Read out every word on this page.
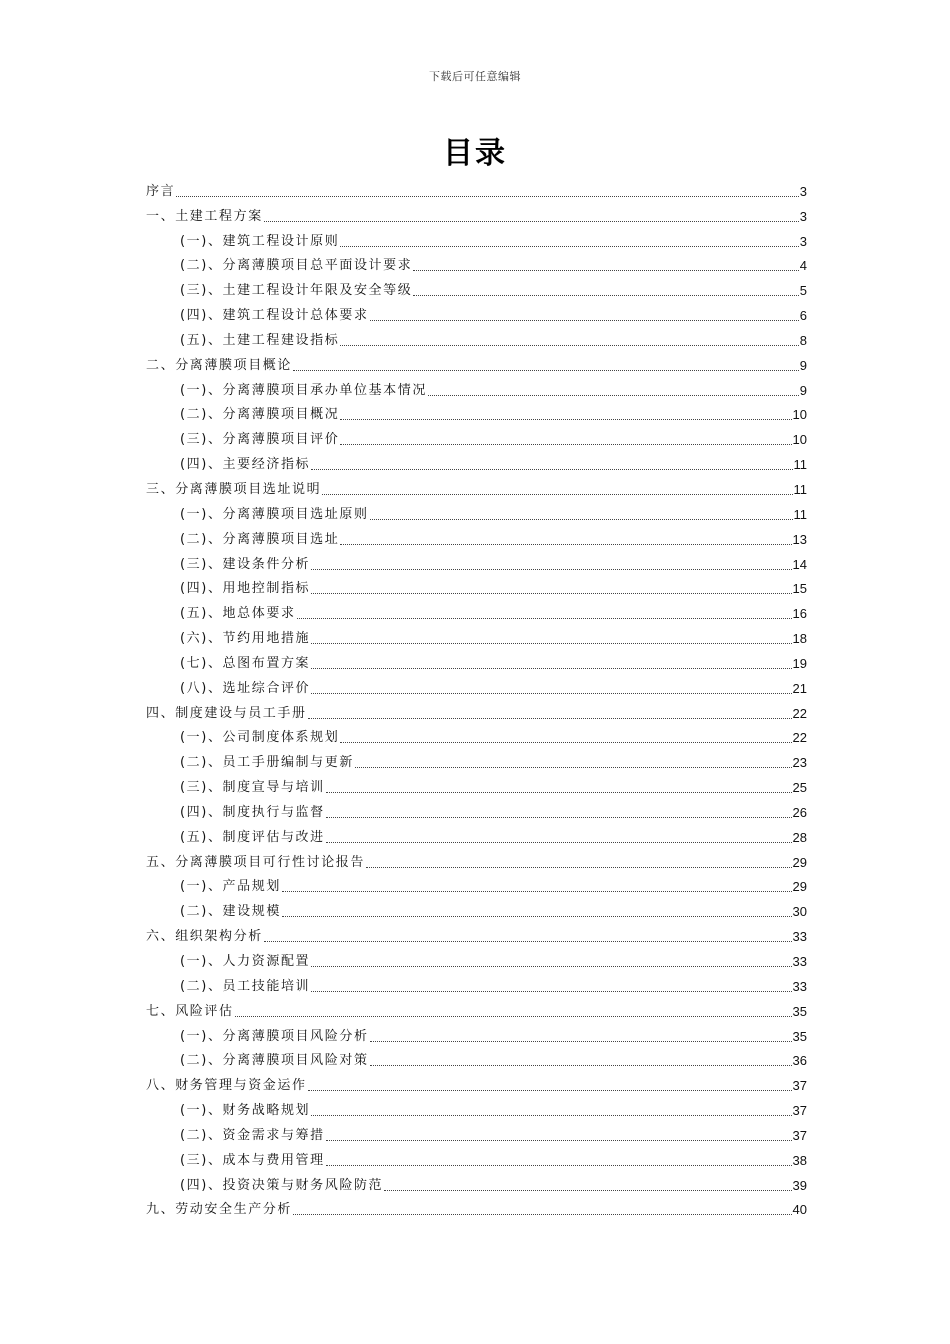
下载后可任意编辑
目录
序言	3
一、土建工程方案	3
(一)、建筑工程设计原则	3
(二)、分离薄膜项目总平面设计要求	4
(三)、土建工程设计年限及安全等级	5
(四)、建筑工程设计总体要求	6
(五)、土建工程建设指标	8
二、分离薄膜项目概论	9
(一)、分离薄膜项目承办单位基本情况	9
(二)、分离薄膜项目概况	10
(三)、分离薄膜项目评价	10
(四)、主要经济指标	11
三、分离薄膜项目选址说明	11
(一)、分离薄膜项目选址原则	11
(二)、分离薄膜项目选址	13
(三)、建设条件分析	14
(四)、用地控制指标	15
(五)、地总体要求	16
(六)、节约用地措施	18
(七)、总图布置方案	19
(八)、选址综合评价	21
四、制度建设与员工手册	22
(一)、公司制度体系规划	22
(二)、员工手册编制与更新	23
(三)、制度宣导与培训	25
(四)、制度执行与监督	26
(五)、制度评估与改进	28
五、分离薄膜项目可行性讨论报告	29
(一)、产品规划	29
(二)、建设规模	30
六、组织架构分析	33
(一)、人力资源配置	33
(二)、员工技能培训	33
七、风险评估	35
(一)、分离薄膜项目风险分析	35
(二)、分离薄膜项目风险对策	36
八、财务管理与资金运作	37
(一)、财务战略规划	37
(二)、资金需求与筹措	37
(三)、成本与费用管理	38
(四)、投资决策与财务风险防范	39
九、劳动安全生产分析	40
